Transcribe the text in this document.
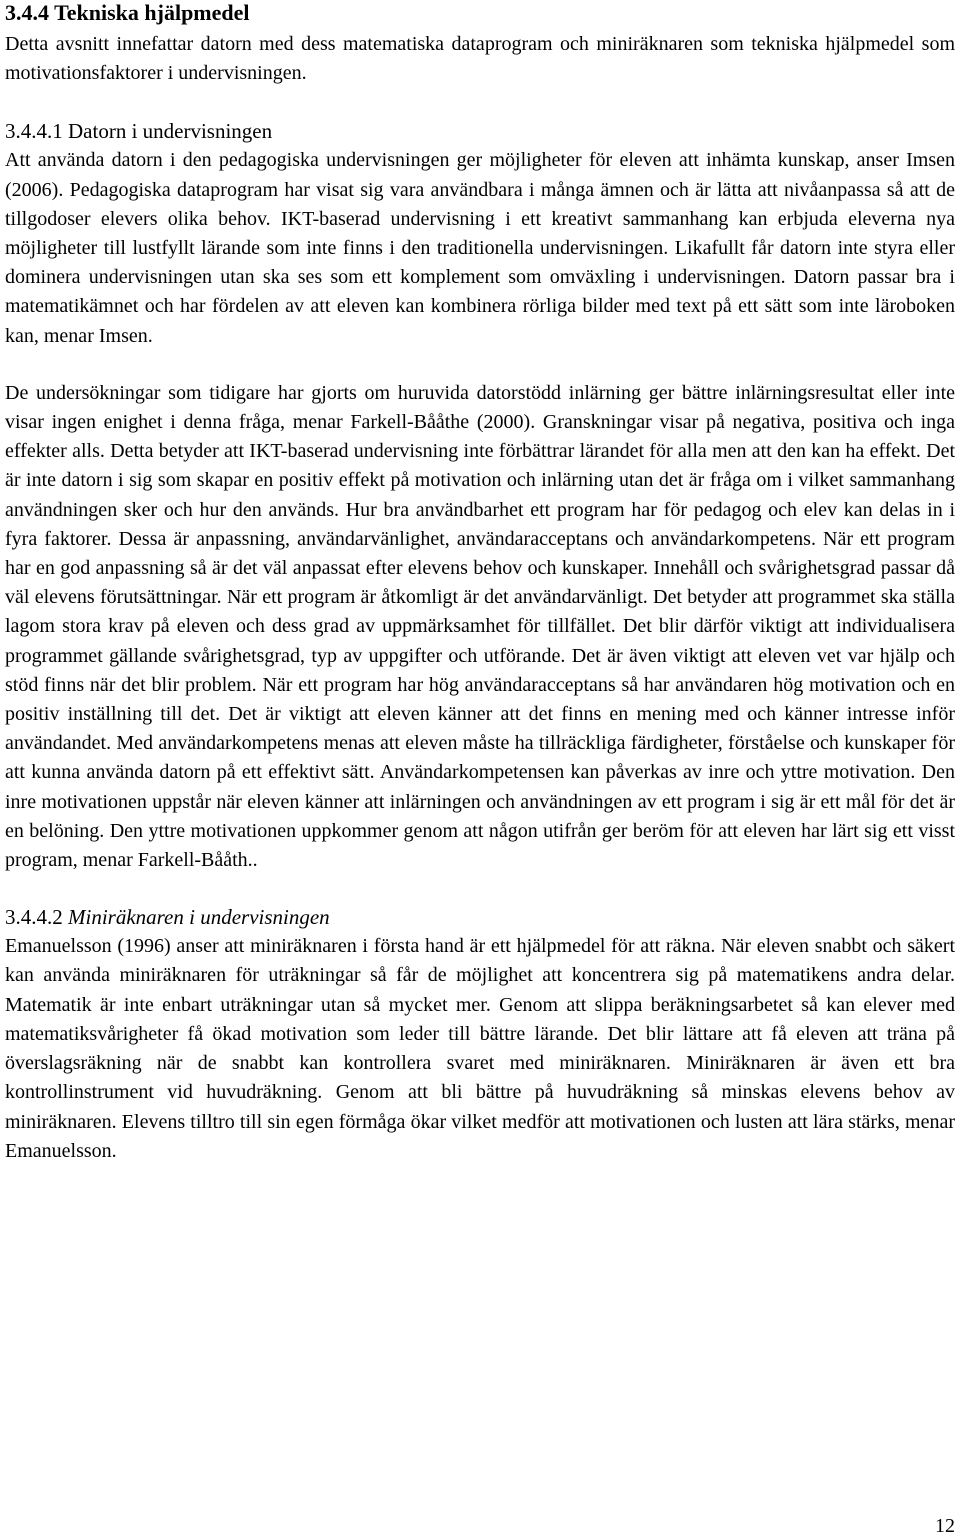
3.4.4 Tekniska hjälpmedel

Detta avsnitt innefattar datorn med dess matematiska dataprogram och miniräknaren som tekniska hjälpmedel som motivationsfaktorer i undervisningen.

3.4.4.1 Datorn i undervisningen

Att använda datorn i den pedagogiska undervisningen ger möjligheter för eleven att inhämta kunskap, anser Imsen (2006). Pedagogiska dataprogram har visat sig vara användbara i många ämnen och är lätta att nivåanpassa så att de tillgodoser elevers olika behov. IKT-baserad undervisning i ett kreativt sammanhang kan erbjuda eleverna nya möjligheter till lustfyllt lärande som inte finns i den traditionella undervisningen. Likafullt får datorn inte styra eller dominera undervisningen utan ska ses som ett komplement som omväxling i undervisningen. Datorn passar bra i matematikämnet och har fördelen av att eleven kan kombinera rörliga bilder med text på ett sätt som inte läroboken kan, menar Imsen.

De undersökningar som tidigare har gjorts om huruvida datorstödd inlärning ger bättre inlärningsresultat eller inte visar ingen enighet i denna fråga, menar Farkell-Bååthe (2000). Granskningar visar på negativa, positiva och inga effekter alls. Detta betyder att IKT-baserad undervisning inte förbättrar lärandet för alla men att den kan ha effekt. Det är inte datorn i sig som skapar en positiv effekt på motivation och inlärning utan det är fråga om i vilket sammanhang användningen sker och hur den används. Hur bra användbarhet ett program har för pedagog och elev kan delas in i fyra faktorer. Dessa är anpassning, användarvänlighet, användaracceptans och användarkompetens. När ett program har en god anpassning så är det väl anpassat efter elevens behov och kunskaper. Innehåll och svårighetsgrad passar då väl elevens förutsättningar. När ett program är åtkomligt är det användarvänligt. Det betyder att programmet ska ställa lagom stora krav på eleven och dess grad av uppmärksamhet för tillfället. Det blir därför viktigt att individualisera programmet gällande svårighetsgrad, typ av uppgifter och utförande. Det är även viktigt att eleven vet var hjälp och stöd finns när det blir problem. När ett program har hög användaracceptans så har användaren hög motivation och en positiv inställning till det. Det är viktigt att eleven känner att det finns en mening med och känner intresse inför användandet. Med användarkompetens menas att eleven måste ha tillräckliga färdigheter, förståelse och kunskaper för att kunna använda datorn på ett effektivt sätt. Användarkompetensen kan påverkas av inre och yttre motivation. Den inre motivationen uppstår när eleven känner att inlärningen och användningen av ett program i sig är ett mål för det är en belöning. Den yttre motivationen uppkommer genom att någon utifrån ger beröm för att eleven har lärt sig ett visst program, menar Farkell-Bååth..

3.4.4.2 Miniräknaren i undervisningen

Emanuelsson (1996) anser att miniräknaren i första hand är ett hjälpmedel för att räkna. När eleven snabbt och säkert kan använda miniräknaren för uträkningar så får de möjlighet att koncentrera sig på matematikens andra delar. Matematik är inte enbart uträkningar utan så mycket mer. Genom att slippa beräkningsarbetet så kan elever med matematiksvårigheter få ökad motivation som leder till bättre lärande. Det blir lättare att få eleven att träna på överslagsräkning när de snabbt kan kontrollera svaret med miniräknaren. Miniräknaren är även ett bra kontrollinstrument vid huvudräkning. Genom att bli bättre på huvudräkning så minskas elevens behov av miniräknaren. Elevens tilltro till sin egen förmåga ökar vilket medför att motivationen och lusten att lära stärks, menar Emanuelsson.

12
